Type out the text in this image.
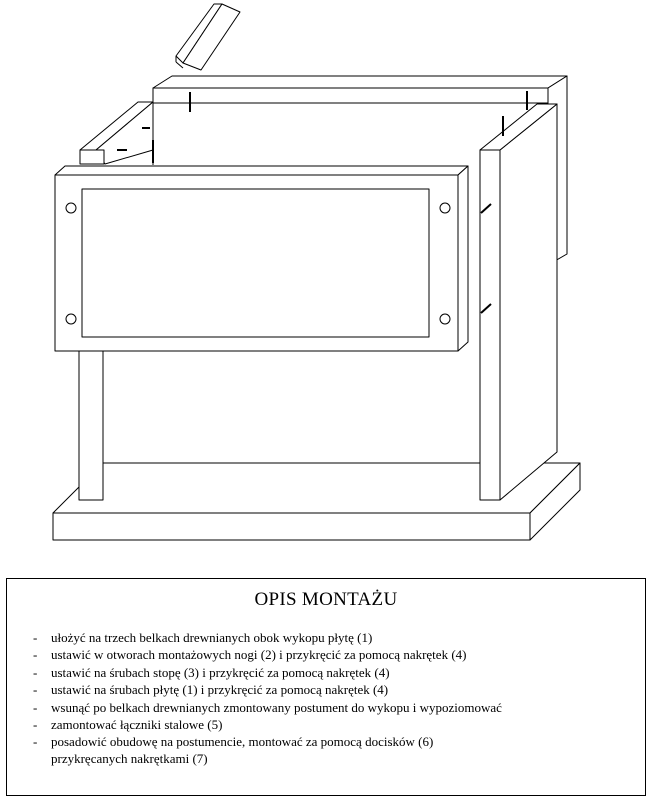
OPIS MONTAŻU
- ułożyć na trzech belkach drewnianych obok wykopu płytę (1)
- ustawić w otworach montażowych nogi (2) i przykręcić za pomocą nakrętek (4)
- ustawić na śrubach stopę (3) i przykręcić za pomocą nakrętek (4)
- ustawić na śrubach płytę (1) i przykręcić za pomocą nakrętek (4)
- wsunąć po belkach drewnianych zmontowany postument do wykopu i wypoziomować
- zamontować łączniki stalowe (5)
- posadowić obudowę na postumencie, montować za pomocą docisków (6)
przykręcanych nakrętkami (7)
